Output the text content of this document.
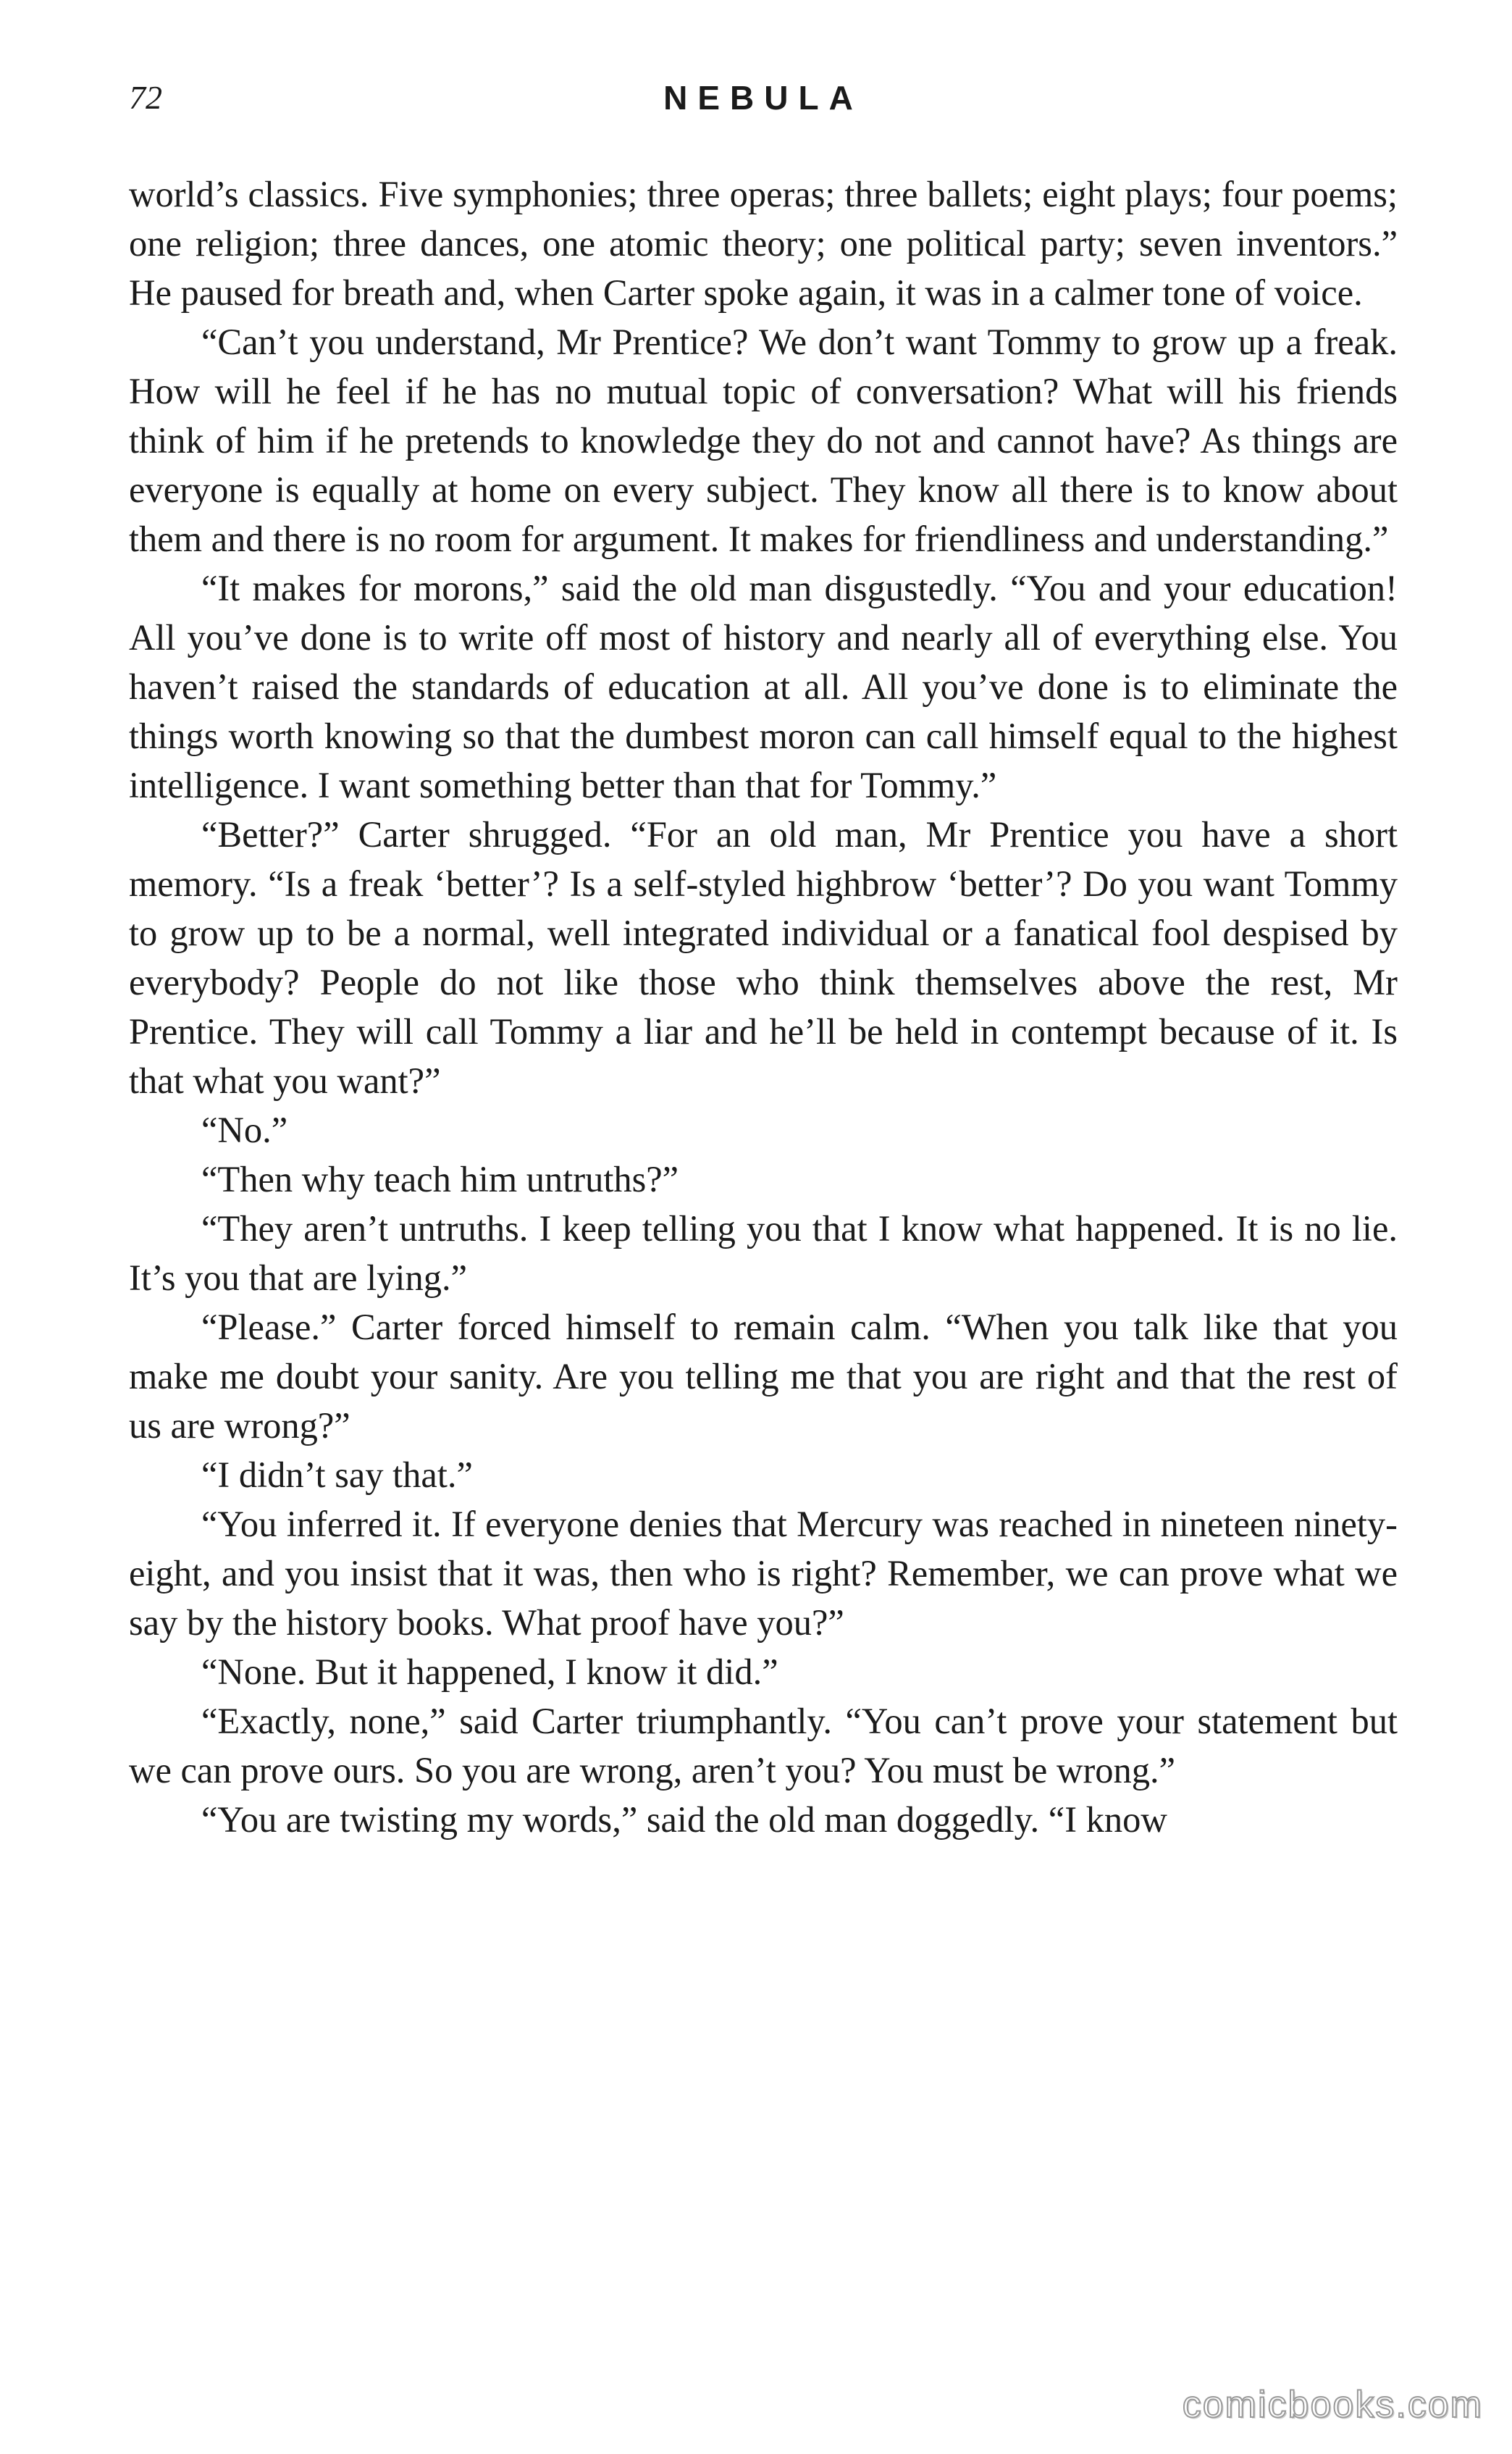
72	NEBULA

world’s classics. Five symphonies; three operas; three ballets; eight plays; four poems; one religion; three dances, one atomic theory; one political party; seven inventors.” He paused for breath and, when Carter spoke again, it was in a calmer tone of voice.

“Can’t you understand, Mr Prentice? We don’t want Tommy to grow up a freak. How will he feel if he has no mutual topic of conversation? What will his friends think of him if he pretends to knowledge they do not and cannot have? As things are everyone is equally at home on every subject. They know all there is to know about them and there is no room for argument. It makes for friendliness and understanding.”

“It makes for morons,” said the old man disgustedly. “You and your education! All you’ve done is to write off most of history and nearly all of everything else. You haven’t raised the standards of education at all. All you’ve done is to eliminate the things worth knowing so that the dumbest moron can call himself equal to the highest intelligence. I want something better than that for Tommy.”

“Better?” Carter shrugged. “For an old man, Mr Prentice you have a short memory. “Is a freak ‘better’? Is a self-styled highbrow ‘better’? Do you want Tommy to grow up to be a normal, well integrated individual or a fanatical fool despised by everybody? People do not like those who think themselves above the rest, Mr Prentice. They will call Tommy a liar and he’ll be held in contempt because of it. Is that what you want?”

“No.”

“Then why teach him untruths?”

“They aren’t untruths. I keep telling you that I know what happened. It is no lie. It’s you that are lying.”

“Please.” Carter forced himself to remain calm. “When you talk like that you make me doubt your sanity. Are you telling me that you are right and that the rest of us are wrong?”

“I didn’t say that.”

“You inferred it. If everyone denies that Mercury was reached in nineteen ninety-eight, and you insist that it was, then who is right? Remember, we can prove what we say by the history books. What proof have you?”

“None. But it happened, I know it did.”

“Exactly, none,” said Carter triumphantly. “You can’t prove your statement but we can prove ours. So you are wrong, aren’t you? You must be wrong.”

“You are twisting my words,” said the old man doggedly. “I know

comicbooks.com
